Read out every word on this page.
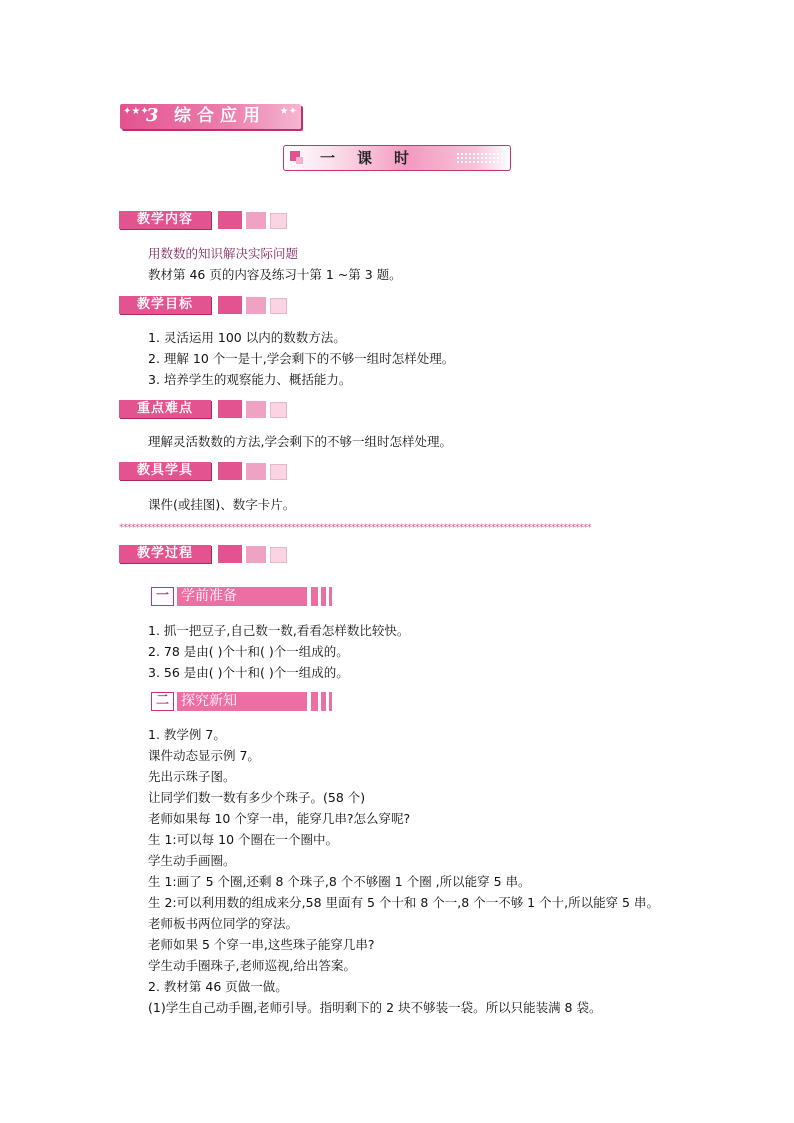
✦★✦
3 综合应用 ★✦
一课时
教学内容
用数数的知识解决实际问题
教材第 46 页的内容及练习十第 1 ~第 3 题。
教学目标
1. 灵活运用 100 以内的数数方法。
2. 理解 10 个一是十,学会剩下的不够一组时怎样处理。
3. 培养学生的观察能力、概括能力。
重点难点
理解灵活数数的方法,学会剩下的不够一组时怎样处理。
教具学具
课件(或挂图)、数字卡片。
**********************************************************************************************************************
教学过程
一 学前准备
1. 抓一把豆子,自己数一数,看看怎样数比较快。
2. 78 是由( )个十和( )个一组成的。
3. 56 是由( )个十和( )个一组成的。
二 探究新知
1. 教学例 7。
课件动态显示例 7。
先出示珠子图。
让同学们数一数有多少个珠子。(58 个)
老师如果每 10 个穿一串，能穿几串?怎么穿呢?
生 1:可以每 10 个圈在一个圈中。
学生动手画圈。
生 1:画了 5 个圈,还剩 8 个珠子,8 个不够圈 1 个圈 ,所以能穿 5 串。
生 2:可以利用数的组成来分,58 里面有 5 个十和 8 个一,8 个一不够 1 个十,所以能穿 5 串。
老师板书两位同学的穿法。
老师如果 5 个穿一串,这些珠子能穿几串?
学生动手圈珠子,老师巡视,给出答案。
2. 教材第 46 页做一做。
(1)学生自己动手圈,老师引导。指明剩下的 2 块不够装一袋。所以只能装满 8 袋。
